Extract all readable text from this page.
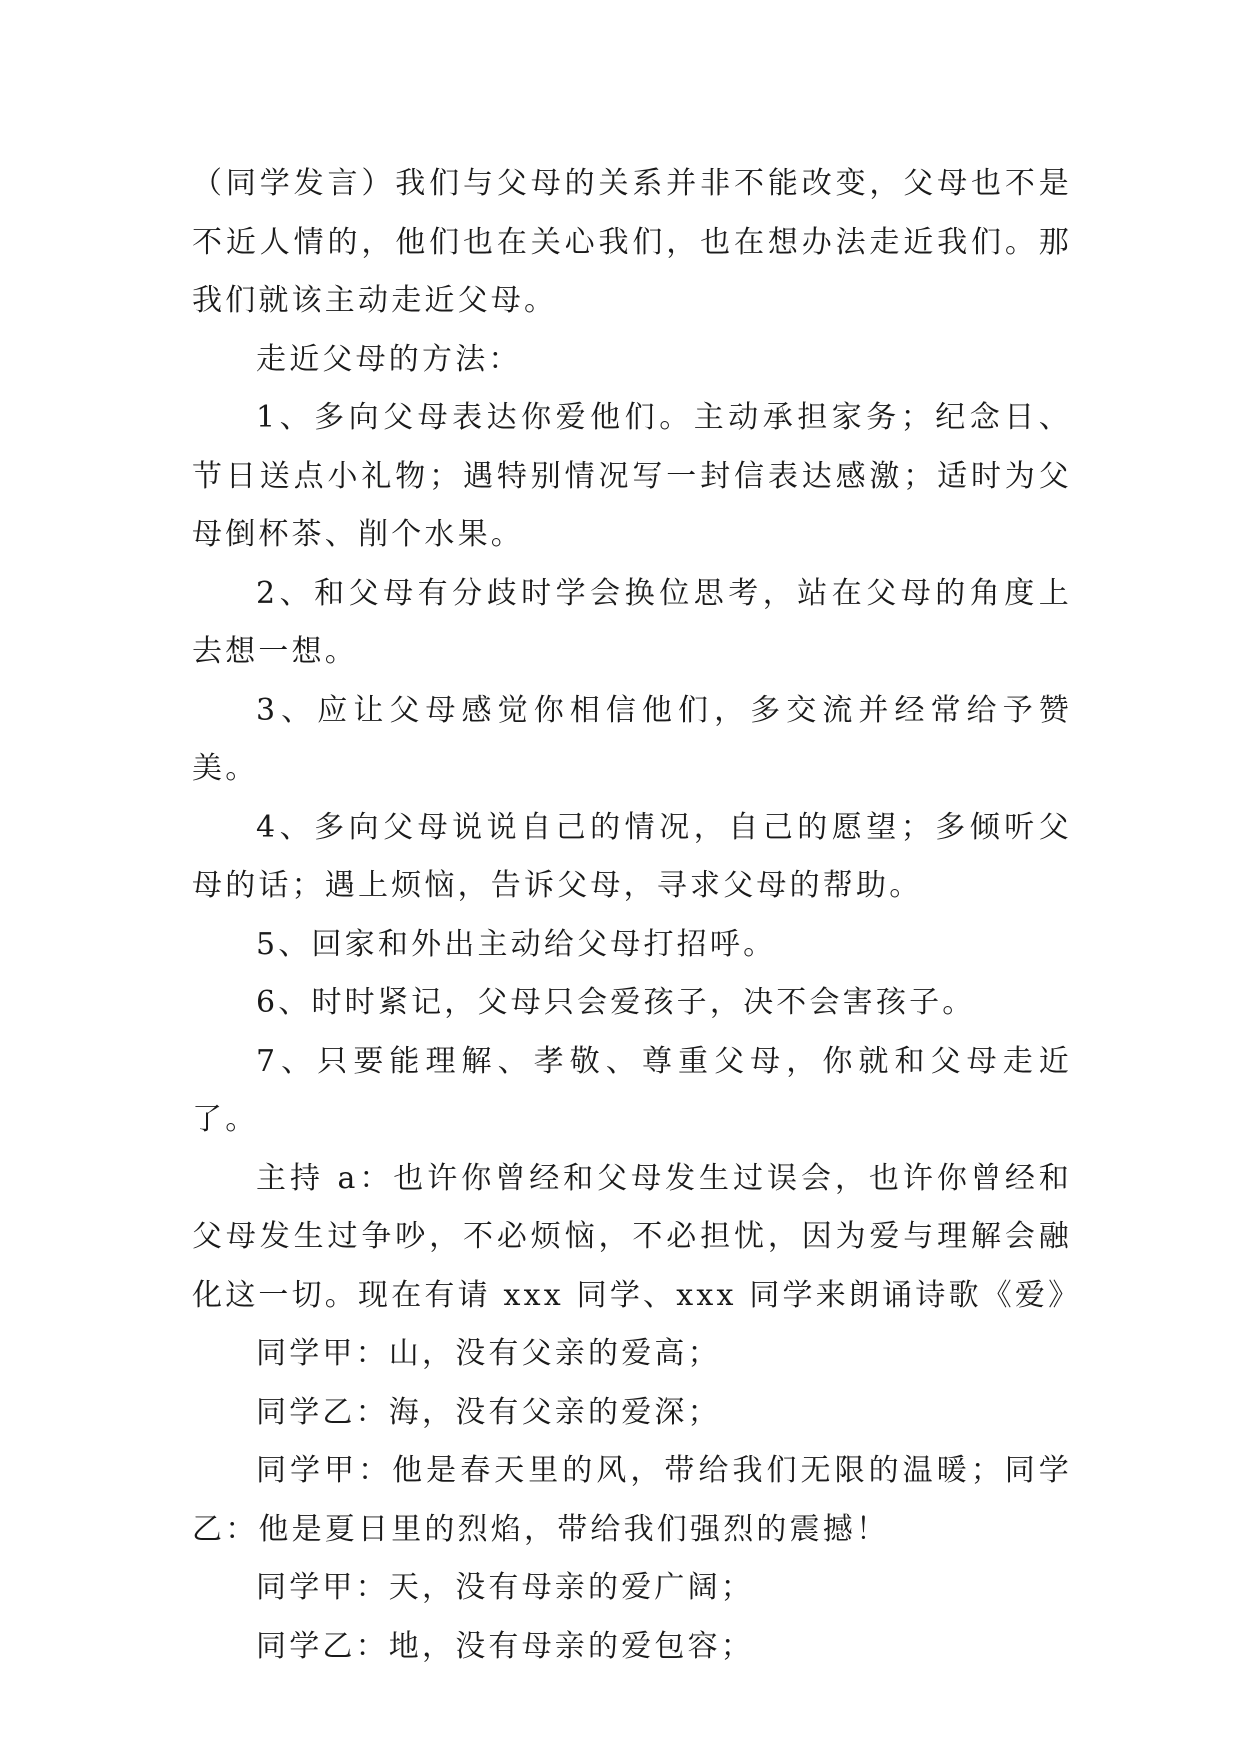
（同学发言）我们与父母的关系并非不能改变，父母也不是不近人情的，他们也在关心我们，也在想办法走近我们。那我们就该主动走近父母。

走近父母的方法：

1、多向父母表达你爱他们。主动承担家务；纪念日、节日送点小礼物；遇特别情况写一封信表达感激；适时为父母倒杯茶、削个水果。

2、和父母有分歧时学会换位思考，站在父母的角度上去想一想。

3、应让父母感觉你相信他们，多交流并经常给予赞美。

4、多向父母说说自己的情况，自己的愿望；多倾听父母的话；遇上烦恼，告诉父母，寻求父母的帮助。

5、回家和外出主动给父母打招呼。

6、时时紧记，父母只会爱孩子，决不会害孩子。

7、只要能理解、孝敬、尊重父母，你就和父母走近了。

主持 a：也许你曾经和父母发生过误会，也许你曾经和父母发生过争吵，不必烦恼，不必担忧，因为爱与理解会融化这一切。现在有请 xxx 同学、xxx 同学来朗诵诗歌《爱》

同学甲：山，没有父亲的爱高；

同学乙：海，没有父亲的爱深；

同学甲：他是春天里的风，带给我们无限的温暖；同学乙：他是夏日里的烈焰，带给我们强烈的震撼！

同学甲：天，没有母亲的爱广阔；

同学乙：地，没有母亲的爱包容；
